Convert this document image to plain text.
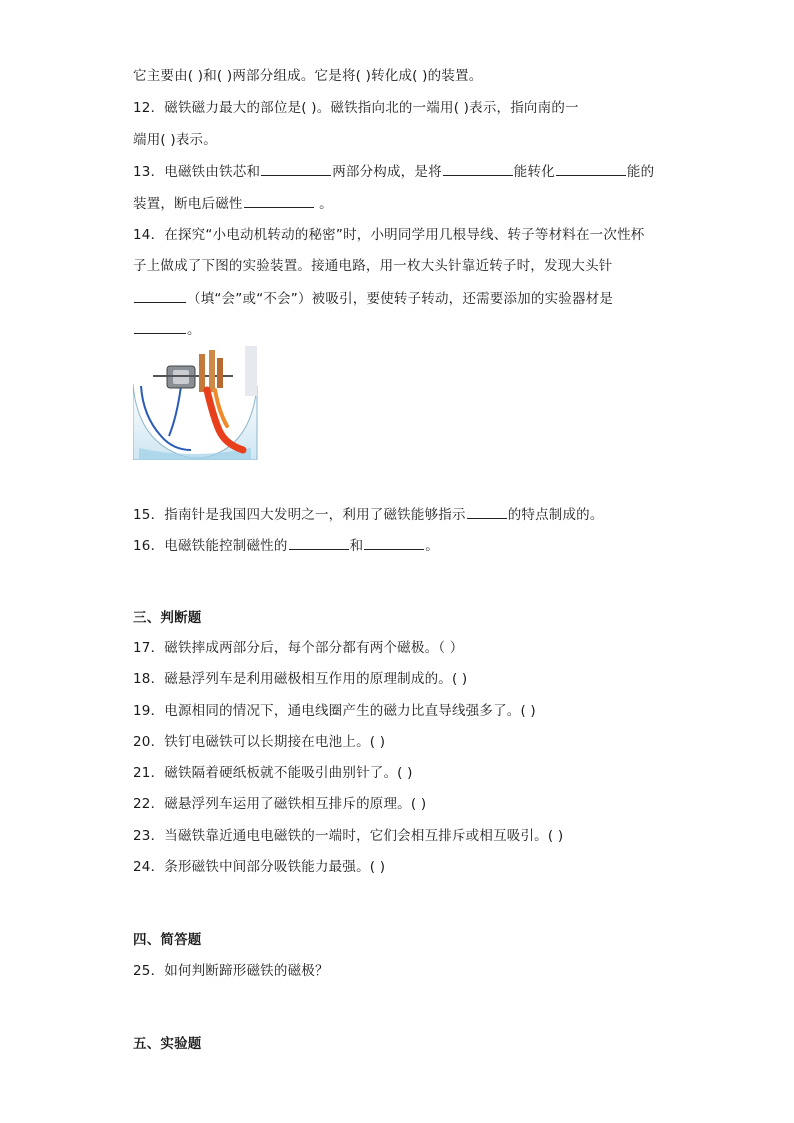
它主要由( )和( )两部分组成。它是将( )转化成( )的装置。
12．磁铁磁力最大的部位是( )。磁铁指向北的一端用( )表示，指向南的一
端用( )表示。
13．电磁铁由铁芯和	两部分构成，是将	能转化	能的
装置，断电后磁性	。
14．在探究“小电动机转动的秘密”时，小明同学用几根导线、转子等材料在一次性杯
子上做成了下图的实验装置。接通电路，用一枚大头针靠近转子时，发现大头针
（填“会”或“不会”）被吸引，要使转子转动，还需要添加的实验器材是
。
15．指南针是我国四大发明之一，利用了磁铁能够指示	的特点制成的。
16．电磁铁能控制磁性的	和	。
三、判断题
17．磁铁摔成两部分后，每个部分都有两个磁极。（ ）
18．磁悬浮列车是利用磁极相互作用的原理制成的。( )
19．电源相同的情况下，通电线圈产生的磁力比直导线强多了。( )
20．铁钉电磁铁可以长期接在电池上。( )
21．磁铁隔着硬纸板就不能吸引曲别针了。( )
22．磁悬浮列车运用了磁铁相互排斥的原理。( )
23．当磁铁靠近通电电磁铁的一端时，它们会相互排斥或相互吸引。( )
24．条形磁铁中间部分吸铁能力最强。( )
四、简答题
25．如何判断蹄形磁铁的磁极？
五、实验题
